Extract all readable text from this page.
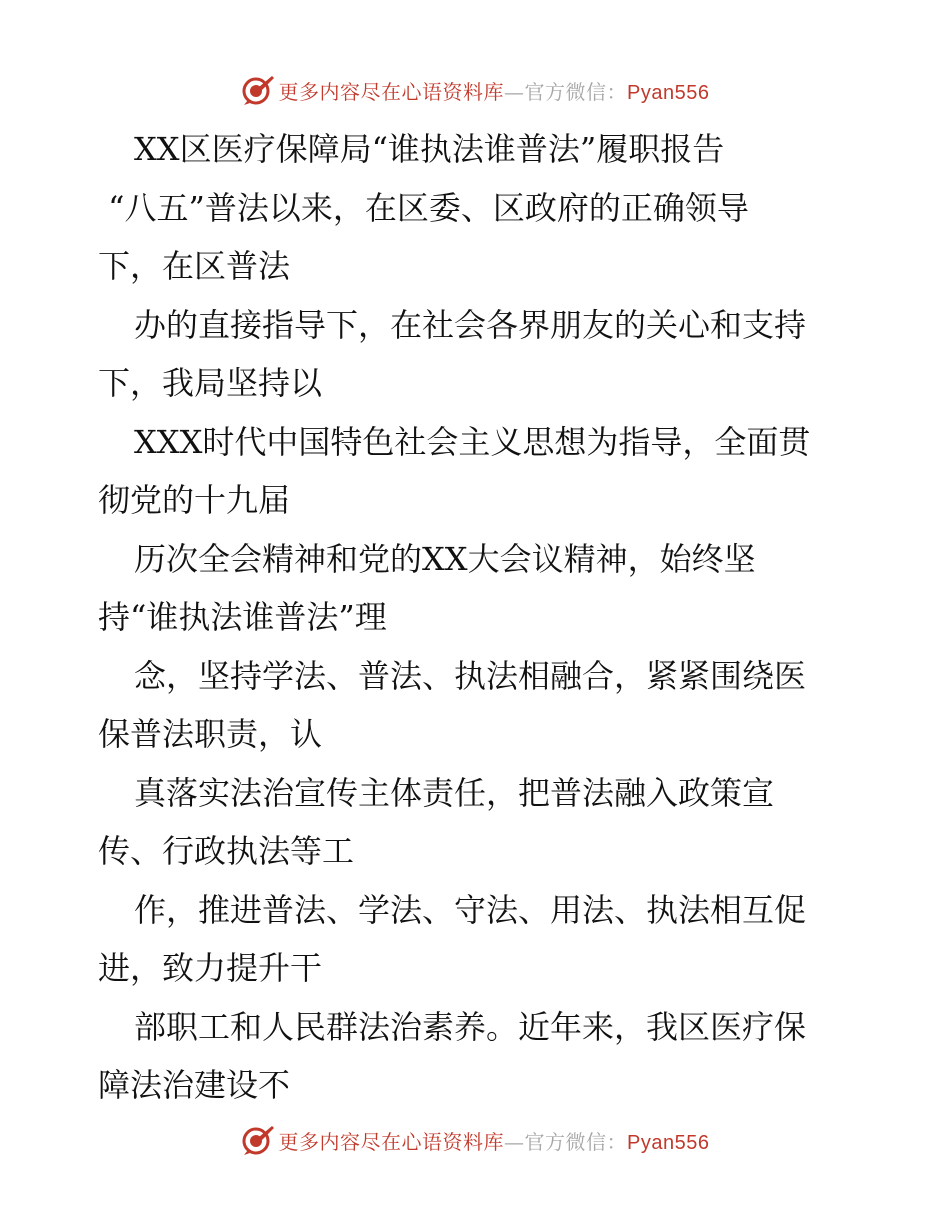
更多内容尽在心语资料库—官方微信：Pyan556

XX区医疗保障局“谁执法谁普法”履职报告

“八五”普法以来，在区委、区政府的正确领导

下，在区普法

办的直接指导下，在社会各界朋友的关心和支持

下，我局坚持以

XXX时代中国特色社会主义思想为指导，全面贯

彻党的十九届

历次全会精神和党的XX大会议精神，始终坚

持“谁执法谁普法”理

念，坚持学法、普法、执法相融合，紧紧围绕医

保普法职责，认

真落实法治宣传主体责任，把普法融入政策宣

传、行政执法等工

作，推进普法、学法、守法、用法、执法相互促

进，致力提升干

部职工和人民群法治素养。近年来，我区医疗保

障法治建设不

更多内容尽在心语资料库—官方微信：Pyan556
